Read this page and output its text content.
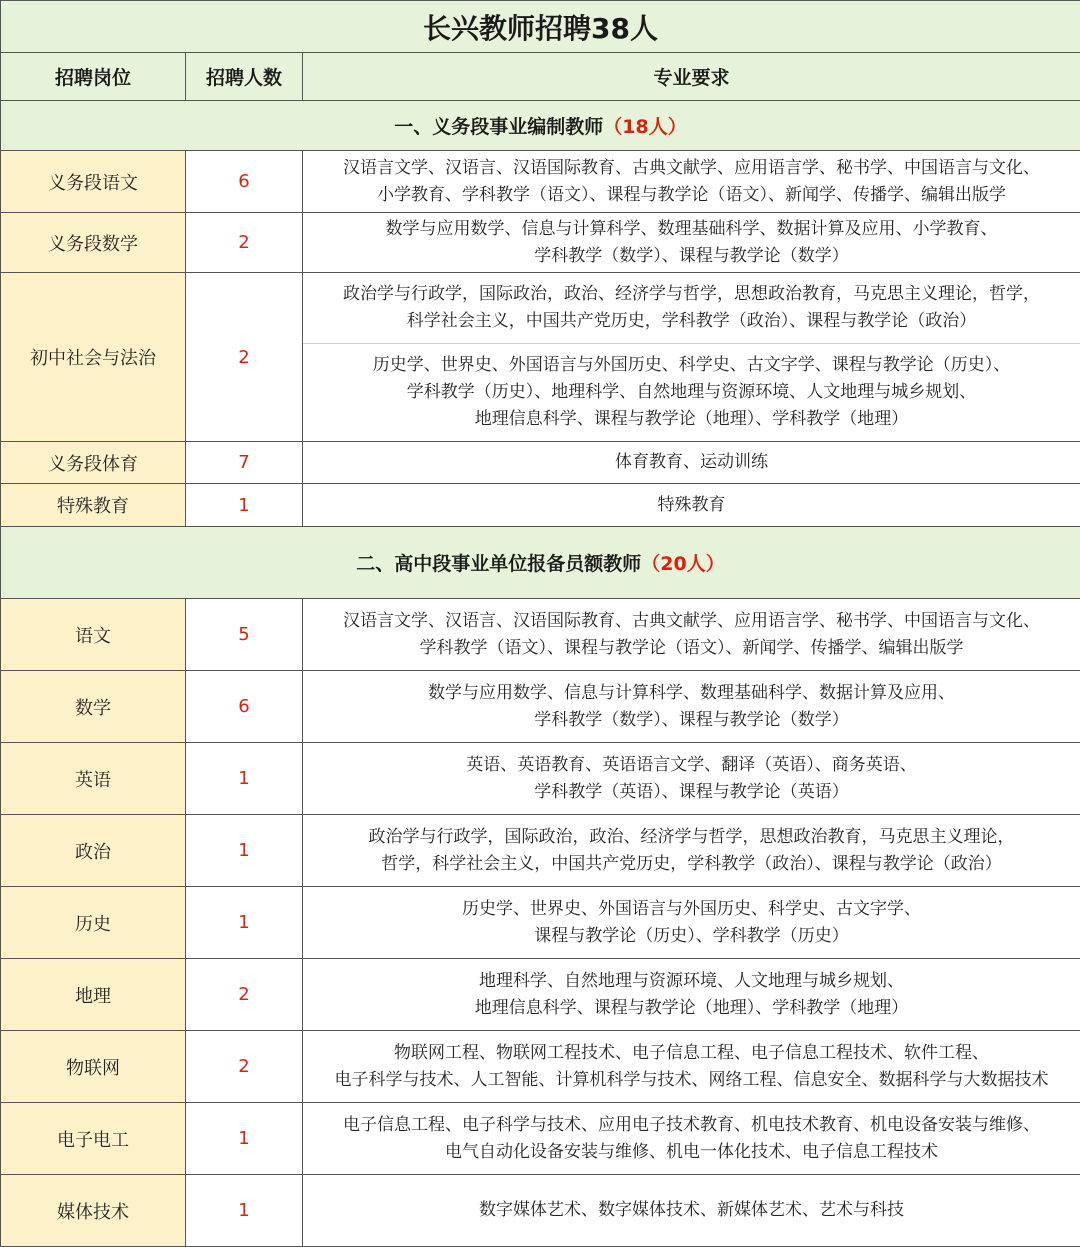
长兴教师招聘38人		
招聘岗位	招聘人数	专业要求
一、义务段事业编制教师（18人）		
义务段语文	6	汉语言文学、汉语言、汉语国际教育、古典文献学、应用语言学、秘书学、中国语言与文化、
小学教育、学科教学（语文）、课程与教学论（语文）、新闻学、传播学、编辑出版学

义务段数学	2	数学与应用数学、信息与计算科学、数理基础科学、数据计算及应用、小学教育、
学科教学（数学）、课程与教学论（数学）

初中社会与法治	2	政治学与行政学，国际政治，政治、经济学与哲学，思想政治教育，马克思主义理论，哲学，
科学社会主义，中国共产党历史，学科教学（政治）、课程与教学论（政治）
历史学、世界史、外国语言与外国历史、科学史、古文字学、课程与教学论（历史）、
学科教学（历史）、地理科学、自然地理与资源环境、人文地理与城乡规划、
地理信息科学、课程与教学论（地理）、学科教学（地理）

义务段体育	7	体育教育、运动训练

特殊教育	1	特殊教育

二、高中段事业单位报备员额教师（20人）		
语文	5	汉语言文学、汉语言、汉语国际教育、古典文献学、应用语言学、秘书学、中国语言与文化、
学科教学（语文）、课程与教学论（语文）、新闻学、传播学、编辑出版学

数学	6	数学与应用数学、信息与计算科学、数理基础科学、数据计算及应用、
学科教学（数学）、课程与教学论（数学）

英语	1	英语、英语教育、英语语言文学、翻译（英语）、商务英语、
学科教学（英语）、课程与教学论（英语）

政治	1	政治学与行政学，国际政治，政治、经济学与哲学，思想政治教育，马克思主义理论，
哲学，科学社会主义，中国共产党历史，学科教学（政治）、课程与教学论（政治）

历史	1	历史学、世界史、外国语言与外国历史、科学史、古文字学、
课程与教学论（历史）、学科教学（历史）

地理	2	地理科学、自然地理与资源环境、人文地理与城乡规划、
地理信息科学、课程与教学论（地理）、学科教学（地理）

物联网	2	物联网工程、物联网工程技术、电子信息工程、电子信息工程技术、软件工程、
电子科学与技术、人工智能、计算机科学与技术、网络工程、信息安全、数据科学与大数据技术

电子电工	1	电子信息工程、电子科学与技术、应用电子技术教育、机电技术教育、机电设备安装与维修、
电气自动化设备安装与维修、机电一体化技术、电子信息工程技术

媒体技术	1	数字媒体艺术、数字媒体技术、新媒体艺术、艺术与科技
